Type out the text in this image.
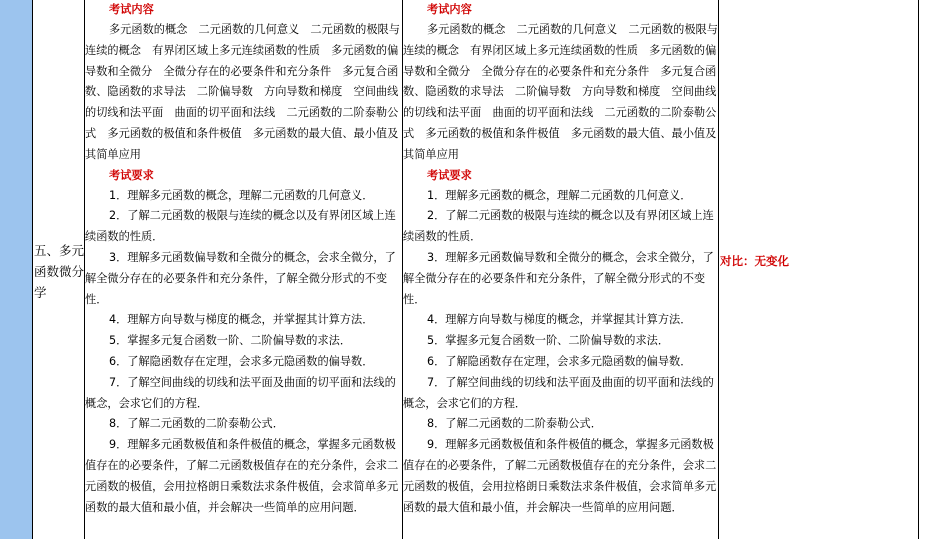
五、多元函数微分学
考试内容
多元函数的概念　二元函数的几何意义　二元函数的极限与连续的概念　有界闭区域上多元连续函数的性质　多元函数的偏导数和全微分　全微分存在的必要条件和充分条件　多元复合函数、隐函数的求导法　二阶偏导数　方向导数和梯度　空间曲线的切线和法平面　曲面的切平面和法线　二元函数的二阶泰勒公式　多元函数的极值和条件极值　多元函数的最大值、最小值及其简单应用
考试要求
1．理解多元函数的概念，理解二元函数的几何意义．
2．了解二元函数的极限与连续的概念以及有界闭区域上连续函数的性质．
3．理解多元函数偏导数和全微分的概念，会求全微分，了解全微分存在的必要条件和充分条件，了解全微分形式的不变性．
4．理解方向导数与梯度的概念，并掌握其计算方法．
5．掌握多元复合函数一阶、二阶偏导数的求法．
6．了解隐函数存在定理，会求多元隐函数的偏导数．
7．了解空间曲线的切线和法平面及曲面的切平面和法线的概念，会求它们的方程．
8．了解二元函数的二阶泰勒公式．
9．理解多元函数极值和条件极值的概念，掌握多元函数极值存在的必要条件，了解二元函数极值存在的充分条件，会求二元函数的极值，会用拉格朗日乘数法求条件极值，会求简单多元函数的最大值和最小值，并会解决一些简单的应用问题．
考试内容
多元函数的概念　二元函数的几何意义　二元函数的极限与连续的概念　有界闭区域上多元连续函数的性质　多元函数的偏导数和全微分　全微分存在的必要条件和充分条件　多元复合函数、隐函数的求导法　二阶偏导数　方向导数和梯度　空间曲线的切线和法平面　曲面的切平面和法线　二元函数的二阶泰勒公式　多元函数的极值和条件极值　多元函数的最大值、最小值及其简单应用
考试要求
1．理解多元函数的概念，理解二元函数的几何意义．
2．了解二元函数的极限与连续的概念以及有界闭区域上连续函数的性质．
3．理解多元函数偏导数和全微分的概念，会求全微分，了解全微分存在的必要条件和充分条件，了解全微分形式的不变性．
4．理解方向导数与梯度的概念，并掌握其计算方法．
5．掌握多元复合函数一阶、二阶偏导数的求法．
6．了解隐函数存在定理，会求多元隐函数的偏导数．
7．了解空间曲线的切线和法平面及曲面的切平面和法线的概念，会求它们的方程．
8．了解二元函数的二阶泰勒公式．
9．理解多元函数极值和条件极值的概念，掌握多元函数极值存在的必要条件，了解二元函数极值存在的充分条件，会求二元函数的极值，会用拉格朗日乘数法求条件极值，会求简单多元函数的最大值和最小值，并会解决一些简单的应用问题．
对比：无变化
